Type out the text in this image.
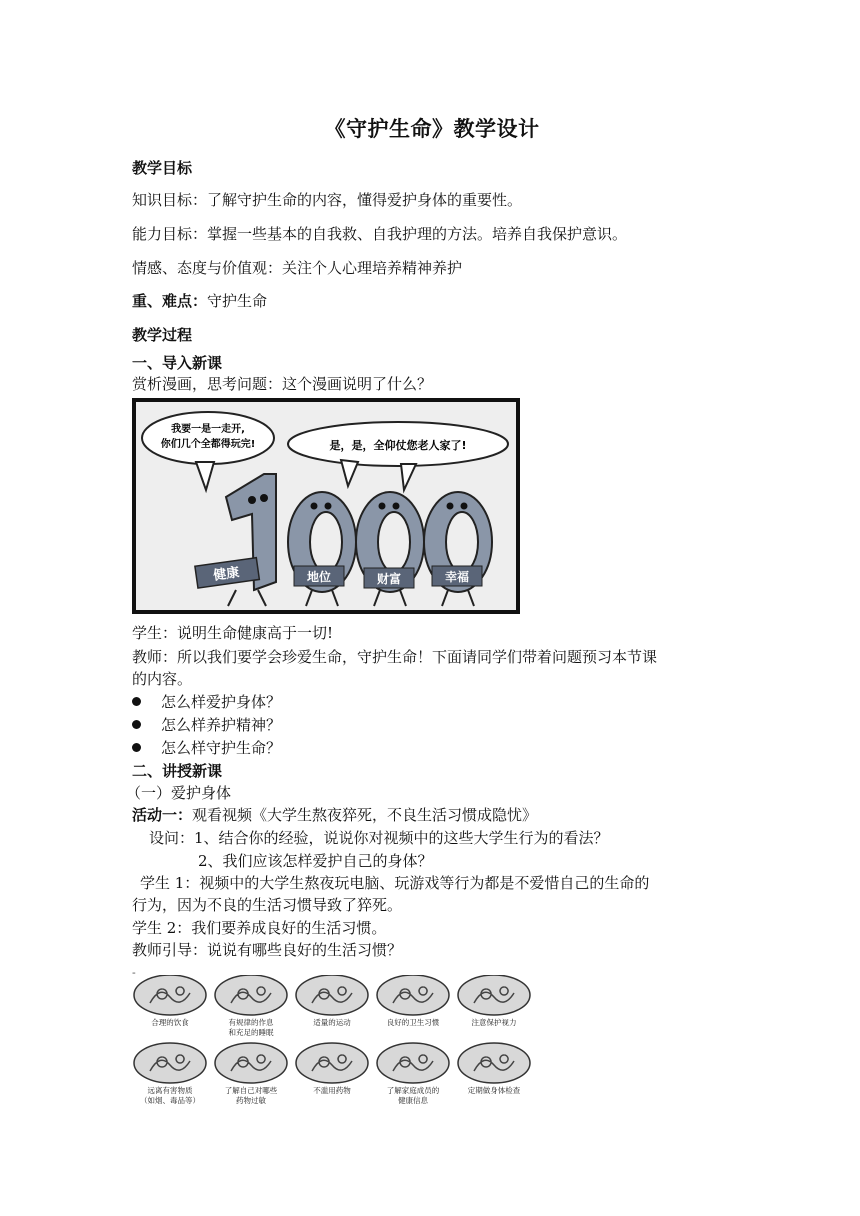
《守护生命》教学设计
教学目标
知识目标：了解守护生命的内容，懂得爱护身体的重要性。
能力目标：掌握一些基本的自我救、自我护理的方法。培养自我保护意识。
情感、态度与价值观：关注个人心理培养精神养护
重、难点：守护生命
教学过程
一、导入新课
赏析漫画，思考问题：这个漫画说明了什么？
学生：说明生命健康高于一切!
教师：所以我们要学会珍爱生命，守护生命！下面请同学们带着问题预习本节课
的内容。
怎么样爱护身体？
怎么样养护精神？
怎么样守护生命？
二、讲授新课
（一）爱护身体
活动一：观看视频《大学生熬夜猝死，不良生活习惯成隐忧》
设问：1、结合你的经验，说说你对视频中的这些大学生行为的看法？
2、我们应该怎样爱护自己的身体？
学生 1：视频中的大学生熬夜玩电脑、玩游戏等行为都是不爱惜自己的生命的
行为，因为不良的生活习惯导致了猝死。
学生 2：我们要养成良好的生活习惯。
教师引导：说说有哪些良好的生活习惯？
我要一是一走开,
你们几个全都得玩完!	是，是，全仰仗您老人家了!
健康	地位	财富	幸福
-
合理的饮食	有规律的作息
和充足的睡眠
适量的运动	良好的卫生习惯	注意保护视力
远离有害物质
（如烟、毒品等）
了解自己对哪些
药物过敏
不滥用药物	了解家庭成员的
健康信息
定期做身体检查
